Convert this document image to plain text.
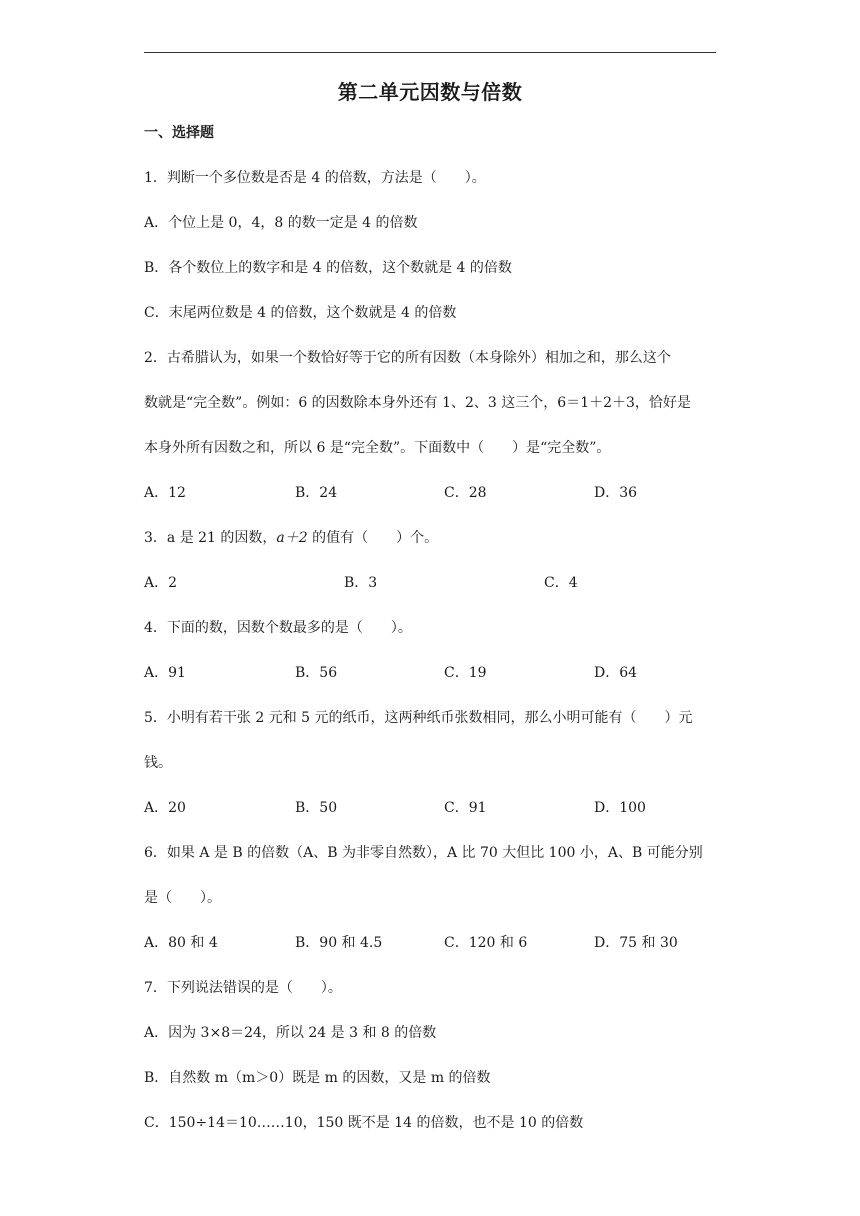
第二单元因数与倍数
一、选择题
1．判断一个多位数是否是 4 的倍数，方法是（　　）。
A．个位上是 0，4，8 的数一定是 4 的倍数
B．各个数位上的数字和是 4 的倍数，这个数就是 4 的倍数
C．末尾两位数是 4 的倍数，这个数就是 4 的倍数
2．古希腊认为，如果一个数恰好等于它的所有因数（本身除外）相加之和，那么这个
数就是“完全数”。例如：6 的因数除本身外还有 1、2、3 这三个，6＝1＋2＋3，恰好是
本身外所有因数之和，所以 6 是“完全数”。下面数中（　　）是“完全数”。
A．12	B．24	C．28	D．36
3．a 是 21 的因数，a＋2 的值有（　　）个。
A．2	B．3	C．4
4．下面的数，因数个数最多的是（　　）。
A．91	B．56	C．19	D．64
5．小明有若干张 2 元和 5 元的纸币，这两种纸币张数相同，那么小明可能有（　　）元
钱。
A．20	B．50	C．91	D．100
6．如果 A 是 B 的倍数（A、B 为非零自然数），A 比 70 大但比 100 小，A、B 可能分别
是（　　）。
A．80 和 4	B．90 和 4.5	C．120 和 6	D．75 和 30
7．下列说法错误的是（　　）。
A．因为 3×8＝24，所以 24 是 3 和 8 的倍数
B．自然数 m（m＞0）既是 m 的因数，又是 m 的倍数
C．150÷14＝10……10，150 既不是 14 的倍数，也不是 10 的倍数
